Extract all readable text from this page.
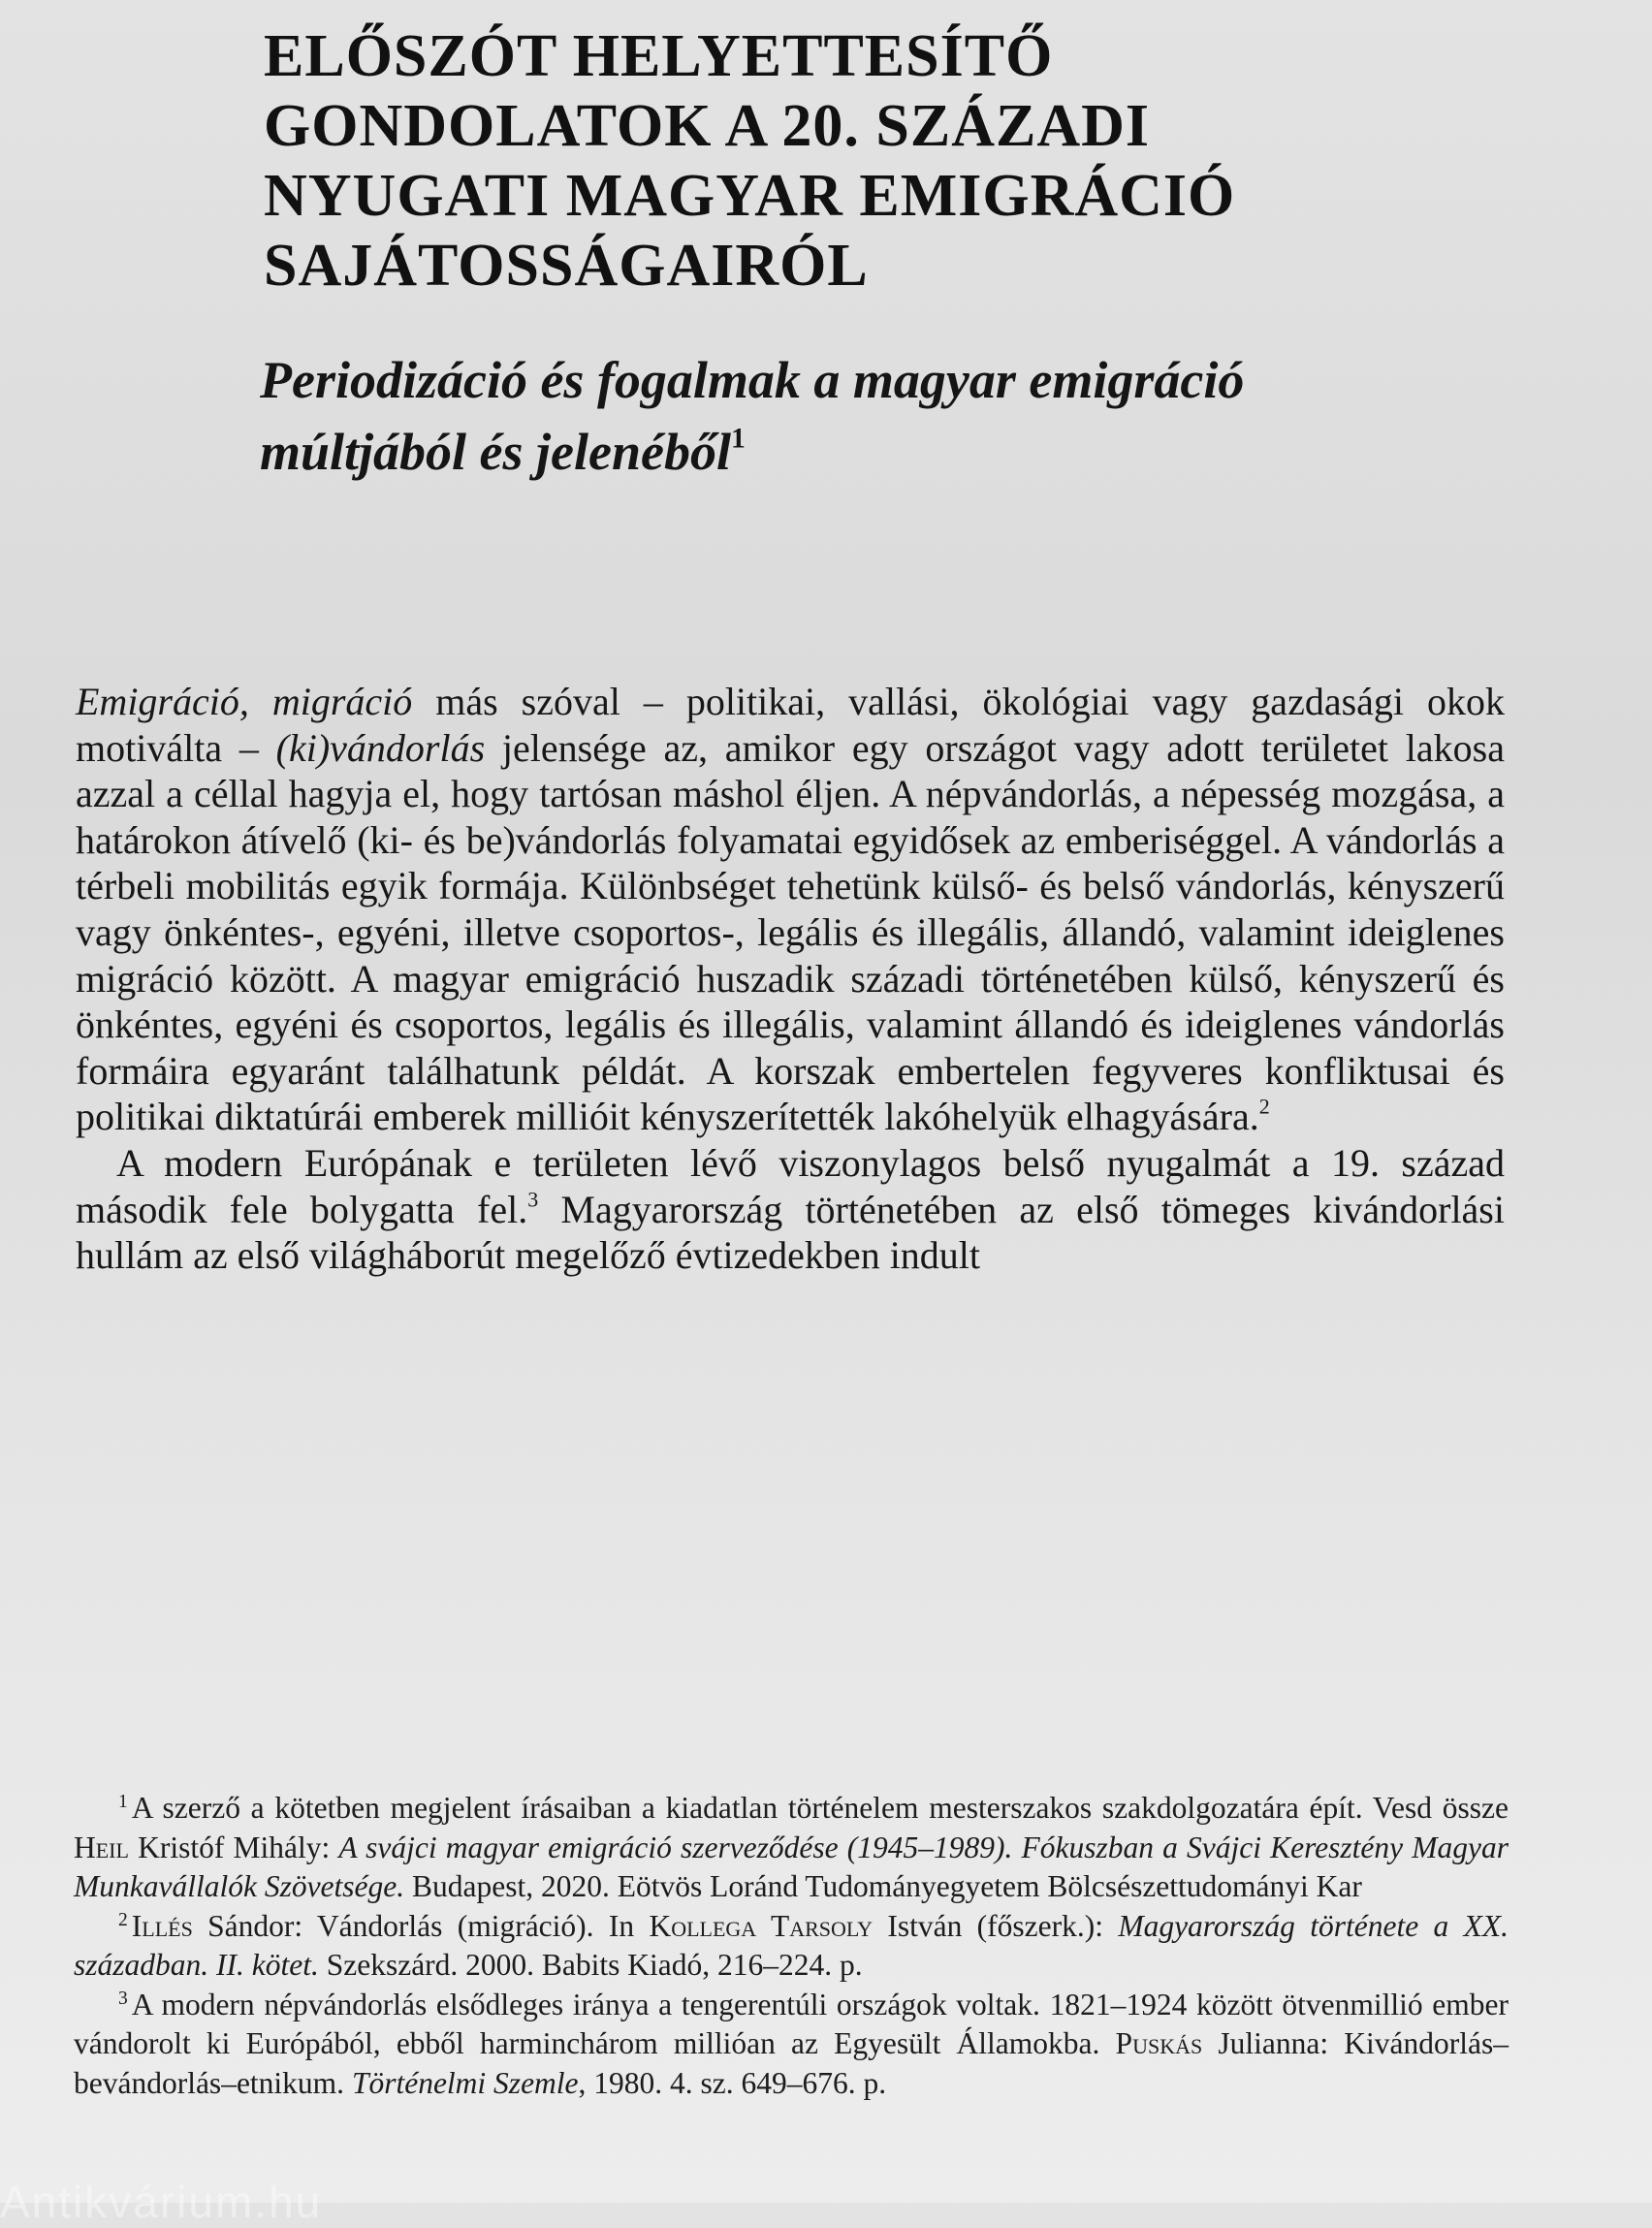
ELŐSZÓT HELYETTESÍTŐ
GONDOLATOK A 20. SZÁZADI
NYUGATI MAGYAR EMIGRÁCIÓ
SAJÁTOSSÁGAIRÓL
Periodizáció és fogalmak a magyar emigráció
múltjából és jelenéből$^1$

Emigráció, migráció más szóval – politikai, vallási, ökológiai vagy gazdasági okok motiválta – (ki)vándorlás jelensége az, amikor egy országot vagy adott területet lakosa azzal a céllal hagyja el, hogy tartósan máshol éljen. A népvándorlás, a népesség mozgása, a határokon átívelő (ki- és be)vándorlás folyamatai egyidősek az emberiséggel. A vándorlás a térbeli mobilitás egyik formája. Különbséget tehetünk külső- és belső vándorlás, kényszerű vagy önkéntes-, egyéni, illetve csoportos-, legális és illegális, állandó, valamint ideiglenes migráció között. A magyar emigráció huszadik századi történetében külső, kényszerű és önkéntes, egyéni és csoportos, legális és illegális, valamint állandó és ideiglenes vándorlás formáira egyaránt találhatunk példát. A korszak embertelen fegyveres konfliktusai és politikai diktatúrái emberek millióit kényszerítették lakóhelyük elhagyására.$^2$

A modern Európának e területen lévő viszonylagos belső nyugalmát a 19. század második fele bolygatta fel.$^3$ Magyarország történetében az első tömeges kivándorlási hullám az első világháborút megelőző évtizedekben indult

$^1$ A szerző a kötetben megjelent írásaiban a kiadatlan történelem mesterszakos szakdolgozatára épít. Vesd össze Heil Kristóf Mihály: A svájci magyar emigráció szerveződése (1945–1989). Fókuszban a Svájci Keresztény Magyar Munkavállalók Szövetsége. Budapest, 2020. Eötvös Loránd Tudományegyetem Bölcsészettudományi Kar

$^2$ Illés Sándor: Vándorlás (migráció). In Kollega Tarsoly István (főszerk.): Magyarország története a XX. században. II. kötet. Szekszárd. 2000. Babits Kiadó, 216–224. p.

$^3$ A modern népvándorlás elsődleges iránya a tengerentúli országok voltak. 1821–1924 között ötvenmillió ember vándorolt ki Európából, ebből harminchárom millióan az Egyesült Államokba. Puskás Julianna: Kivándorlás–bevándorlás–etnikum. Történelmi Szemle, 1980. 4. sz. 649–676. p.

Antikvárium.hu
